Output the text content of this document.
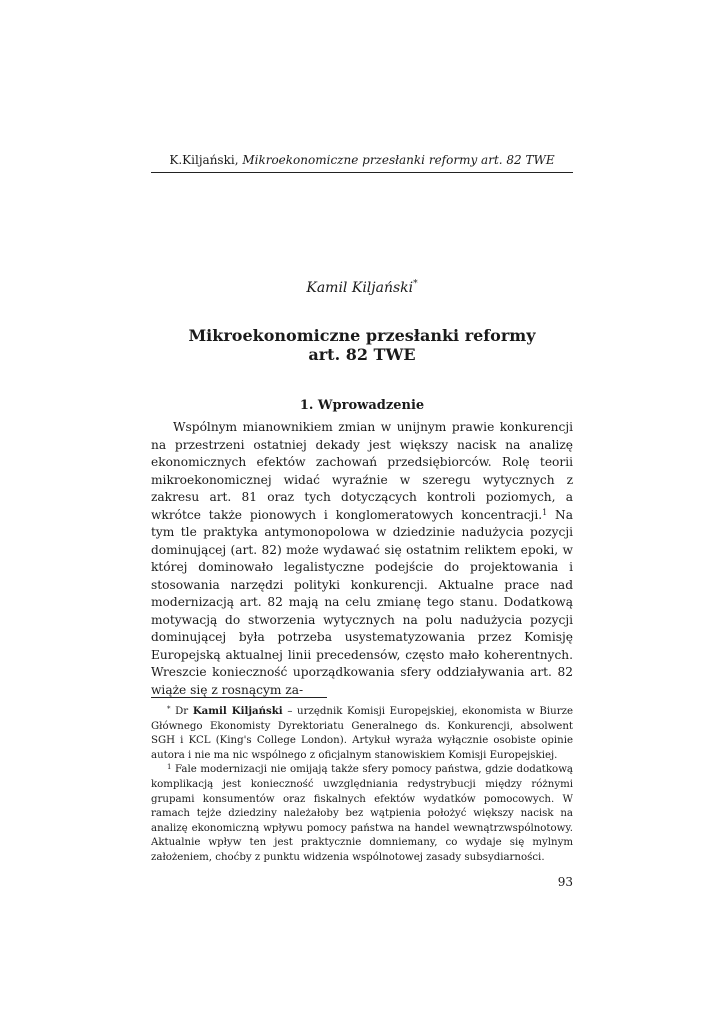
K.Kiljański, Mikroekonomiczne przesłanki reformy art. 82 TWE
Kamil Kiljański*
Mikroekonomiczne przesłanki reformy
art. 82 TWE
1. Wprowadzenie

Wspólnym mianownikiem zmian w unijnym prawie konkurencji na przestrzeni ostatniej dekady jest większy nacisk na analizę ekonomicznych efektów zachowań przedsiębiorców. Rolę teorii mikroekonomicznej widać wyraźnie w szeregu wytycznych z zakresu art. 81 oraz tych dotyczących kontroli poziomych, a wkrótce także pionowych i konglomeratowych koncentracji.$^1$ Na tym tle praktyka antymonopolowa w dziedzinie nadużycia pozycji dominującej (art. 82) może wydawać się ostatnim reliktem epoki, w której dominowało legalistyczne podejście do projektowania i stosowania narzędzi polityki konkurencji. Aktualne prace nad modernizacją art. 82 mają na celu zmianę tego stanu. Dodatkową motywacją do stworzenia wytycznych na polu nadużycia pozycji dominującej była potrzeba usystematyzowania przez Komisję Europejską aktualnej linii precedensów, często mało koherentnych. Wreszcie konieczność uporządkowania sfery oddziaływania art. 82 wiąże się z rosnącym za-

* Dr Kamil Kiljański – urzędnik Komisji Europejskiej, ekonomista w Biurze Głównego Ekonomisty Dyrektoriatu Generalnego ds. Konkurencji, absolwent SGH i KCL (King's College London). Artykuł wyraża wyłącznie osobiste opinie autora i nie ma nic wspólnego z oficjalnym stanowiskiem Komisji Europejskiej.

$^1$ Fale modernizacji nie omijają także sfery pomocy państwa, gdzie dodatkową komplikacją jest konieczność uwzględniania redystrybucji między różnymi grupami konsumentów oraz fiskalnych efektów wydatków pomocowych. W ramach tejże dziedziny należałoby bez wątpienia położyć większy nacisk na analizę ekonomiczną wpływu pomocy państwa na handel wewnątrzwspólnotowy. Aktualnie wpływ ten jest praktycznie domniemany, co wydaje się mylnym założeniem, choćby z punktu widzenia wspólnotowej zasady subsydiarności.

93
